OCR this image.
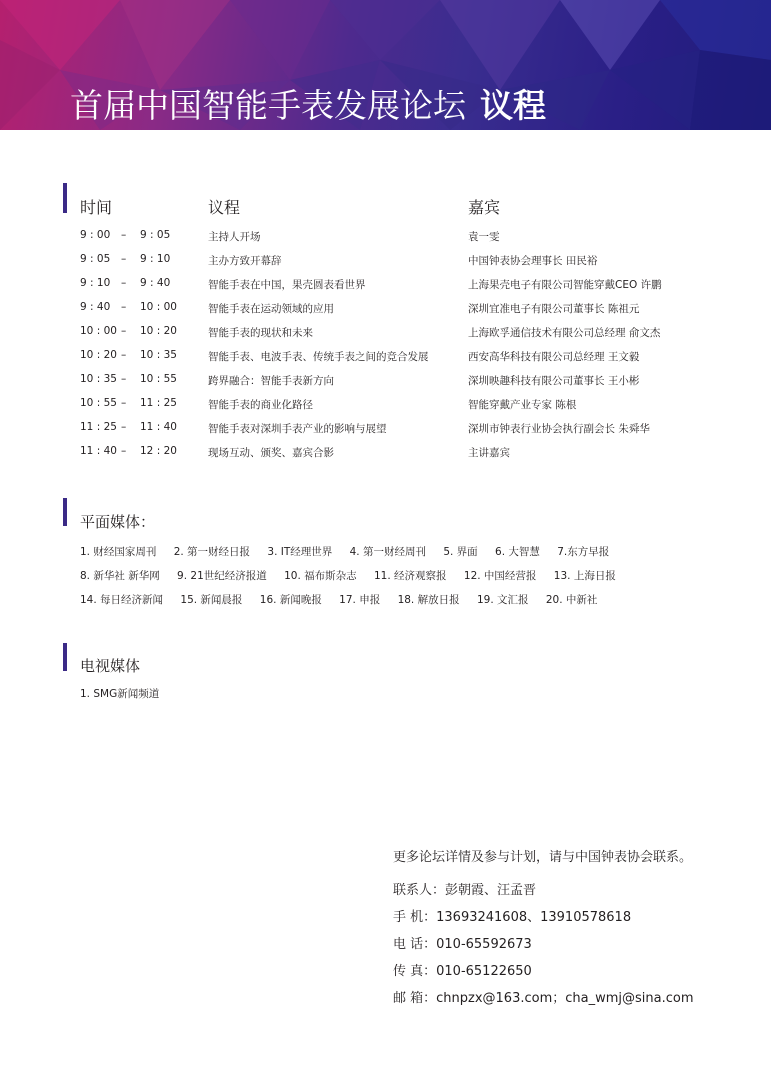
首届中国智能手表发展论坛 议程
时间	议程	嘉宾
9 : 00 – 9 : 05	主持人开场	袁一雯
9 : 05 – 9 : 10	主办方致开幕辞	中国钟表协会理事长 田民裕
9 : 10 – 9 : 40	智能手表在中国，果壳圆表看世界	上海果壳电子有限公司智能穿戴CEO 许鹏
9 : 40 – 10 : 00	智能手表在运动领域的应用	深圳宜准电子有限公司董事长 陈祖元
10 : 00 – 10 : 20	智能手表的现状和未来	上海欧孚通信技术有限公司总经理 俞文杰
10 : 20 – 10 : 35	智能手表、电波手表、传统手表之间的竞合发展	西安高华科技有限公司总经理 王文毅
10 : 35 – 10 : 55	跨界融合：智能手表新方向	深圳映趣科技有限公司董事长 王小彬
10 : 55 – 11 : 25	智能手表的商业化路径	智能穿戴产业专家 陈根
11 : 25 – 11 : 40	智能手表对深圳手表产业的影响与展望	深圳市钟表行业协会执行副会长 朱舜华
11 : 40 – 12 : 20	现场互动、颁奖、嘉宾合影	主讲嘉宾
平面媒体：
1. 财经国家周刊 2. 第一财经日报 3. IT经理世界 4. 第一财经周刊 5. 界面 6. 大智慧 7.东方早报
8. 新华社 新华网 9. 21世纪经济报道 10. 福布斯杂志 11. 经济观察报 12. 中国经营报 13. 上海日报
14. 每日经济新闻 15. 新闻晨报 16. 新闻晚报 17. 申报 18. 解放日报 19. 文汇报 20. 中新社
电视媒体
1. SMG新闻频道
更多论坛详情及参与计划，请与中国钟表协会联系。
联系人：彭朝霞、汪孟晋
手 机：13693241608、13910578618
电 话：010-65592673
传 真：010-65122650
邮 箱：chnpzx@163.com；cha_wmj@sina.com
